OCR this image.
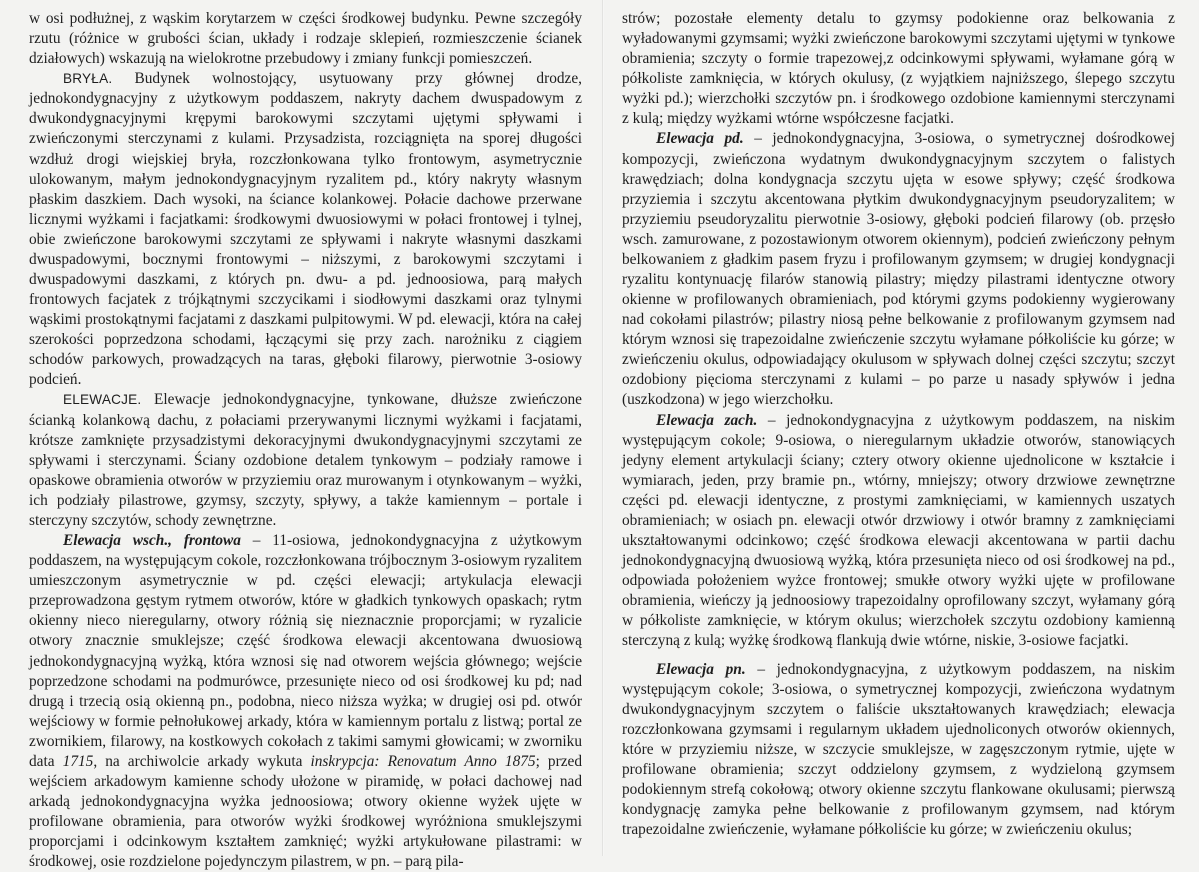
w osi podłużnej, z wąskim korytarzem w części środkowej budynku. Pewne szczegóły rzutu (różnice w grubości ścian, układy i rodzaje sklepień, rozmieszczenie ścianek działowych) wskazują na wielokrotne przebudowy i zmiany funkcji pomieszczeń.

BRYŁA. Budynek wolnostojący, usytuowany przy głównej drodze, jednokondygnacyjny z użytkowym poddaszem, nakryty dachem dwuspadowym z dwukondygnacyjnymi krępymi barokowymi szczytami ujętymi spływami i zwieńczonymi sterczynami z kulami. Przysadzista, rozciągnięta na sporej długości wzdłuż drogi wiejskiej bryła, rozczłonkowana tylko frontowym, asymetrycznie ulokowanym, małym jednokondygnacyjnym ryzalitem pd., który nakryty własnym płaskim daszkiem. Dach wysoki, na ściance kolankowej. Połacie dachowe przerwane licznymi wyżkami i facjatkami: środkowymi dwuosiowymi w połaci frontowej i tylnej, obie zwieńczone barokowymi szczytami ze spływami i nakryte własnymi daszkami dwuspadowymi, bocznymi frontowymi – niższymi, z barokowymi szczytami i dwuspadowymi daszkami, z których pn. dwu- a pd. jednoosiowa, parą małych frontowych facjatek z trójkątnymi szczycikami i siodłowymi daszkami oraz tylnymi wąskimi prostokątnymi facjatami z daszkami pulpitowymi. W pd. elewacji, która na całej szerokości poprzedzona schodami, łączącymi się przy zach. narożniku z ciągiem schodów parkowych, prowadzących na taras, głęboki filarowy, pierwotnie 3-osiowy podcień.

ELEWACJE. Elewacje jednokondygnacyjne, tynkowane, dłuższe zwieńczone ścianką kolankową dachu, z połaciami przerywanymi licznymi wyżkami i facjatami, krótsze zamknięte przysadzistymi dekoracyjnymi dwukondygnacyjnymi szczytami ze spływami i sterczynami. Ściany ozdobione detalem tynkowym – podziały ramowe i opaskowe obramienia otworów w przyziemiu oraz murowanym i otynkowanym – wyżki, ich podziały pilastrowe, gzymsy, szczyty, spływy, a także kamiennym – portale i sterczyny szczytów, schody zewnętrzne.

Elewacja wsch., frontowa – 11-osiowa, jednokondygnacyjna z użytkowym poddaszem, na występującym cokole, rozczłonkowana trójbocznym 3-osiowym ryzalitem umieszczonym asymetrycznie w pd. części elewacji; artykulacja elewacji przeprowadzona gęstym rytmem otworów, które w gładkich tynkowych opaskach; rytm okienny nieco nieregularny, otwory różnią się nieznacznie proporcjami; w ryzalicie otwory znacznie smuklejsze; część środkowa elewacji akcentowana dwuosiową jednokondygnacyjną wyżką, która wznosi się nad otworem wejścia głównego; wejście poprzedzone schodami na podmurówce, przesunięte nieco od osi środkowej ku pd; nad drugą i trzecią osią okienną pn., podobna, nieco niższa wyżka; w drugiej osi pd. otwór wejściowy w formie pełnołukowej arkady, która w kamiennym portalu z listwą; portal ze zwornikiem, filarowy, na kostkowych cokołach z takimi samymi głowicami; w zworniku data 1715, na archiwolcie arkady wykuta inskrypcja: Renovatum Anno 1875; przed wejściem arkadowym kamienne schody ułożone w piramidę, w połaci dachowej nad arkadą jednokondygnacyjna wyżka jednoosiowa; otwory okienne wyżek ujęte w profilowane obramienia, para otworów wyżki środkowej wyróżniona smuklejszymi proporcjami i odcinkowym kształtem zamknięć; wyżki artykułowane pilastrami: w środkowej, osie rozdzielone pojedynczym pilastrem, w pn. – parą pila-

strów; pozostałe elementy detalu to gzymsy podokienne oraz belkowania z wyładowanymi gzymsami; wyżki zwieńczone barokowymi szczytami ujętymi w tynkowe obramienia; szczyty o formie trapezowej,z odcinkowymi spływami, wyłamane górą w półkoliste zamknięcia, w których okulusy, (z wyjątkiem najniższego, ślepego szczytu wyżki pd.); wierzchołki szczytów pn. i środkowego ozdobione kamiennymi sterczynami z kulą; między wyżkami wtórne współczesne facjatki.

Elewacja pd. – jednokondygnacyjna, 3-osiowa, o symetrycznej dośrodkowej kompozycji, zwieńczona wydatnym dwukondygnacyjnym szczytem o falistych krawędziach; dolna kondygnacja szczytu ujęta w esowe spływy; część środkowa przyziemia i szczytu akcentowana płytkim dwukondygnacyjnym pseudoryzalitem; w przyziemiu pseudoryzalitu pierwotnie 3-osiowy, głęboki podcień filarowy (ob. przęsło wsch. zamurowane, z pozostawionym otworem okiennym), podcień zwieńczony pełnym belkowaniem z gładkim pasem fryzu i profilowanym gzymsem; w drugiej kondygnacji ryzalitu kontynuację filarów stanowią pilastry; między pilastrami identyczne otwory okienne w profilowanych obramieniach, pod którymi gzyms podokienny wygierowany nad cokołami pilastrów; pilastry niosą pełne belkowanie z profilowanym gzymsem nad którym wznosi się trapezoidalne zwieńczenie szczytu wyłamane półkoliście ku górze; w zwieńczeniu okulus, odpowiadający okulusom w spływach dolnej części szczytu; szczyt ozdobiony pięcioma sterczynami z kulami – po parze u nasady spływów i jedna (uszkodzona) w jego wierzchołku.

Elewacja zach. – jednokondygnacyjna z użytkowym poddaszem, na niskim występującym cokole; 9-osiowa, o nieregularnym układzie otworów, stanowiących jedyny element artykulacji ściany; cztery otwory okienne ujednolicone w kształcie i wymiarach, jeden, przy bramie pn., wtórny, mniejszy; otwory drzwiowe zewnętrzne części pd. elewacji identyczne, z prostymi zamknięciami, w kamiennych uszatych obramieniach; w osiach pn. elewacji otwór drzwiowy i otwór bramny z zamknięciami ukształtowanymi odcinkowo; część środkowa elewacji akcentowana w partii dachu jednokondygnacyjną dwuosiową wyżką, która przesunięta nieco od osi środkowej na pd., odpowiada położeniem wyżce frontowej; smukłe otwory wyżki ujęte w profilowane obramienia, wieńczy ją jednoosiowy trapezoidalny oprofilowany szczyt, wyłamany górą w półkoliste zamknięcie, w którym okulus; wierzchołek szczytu ozdobiony kamienną sterczyną z kulą; wyżkę środkową flankują dwie wtórne, niskie, 3-osiowe facjatki.

Elewacja pn. – jednokondygnacyjna, z użytkowym poddaszem, na niskim występującym cokole; 3-osiowa, o symetrycznej kompozycji, zwieńczona wydatnym dwukondygnacyjnym szczytem o faliście ukształtowanych krawędziach; elewacja rozczłonkowana gzymsami i regularnym układem ujednoliconych otworów okiennych, które w przyziemiu niższe, w szczycie smuklejsze, w zagęszczonym rytmie, ujęte w profilowane obramienia; szczyt oddzielony gzymsem, z wydzieloną gzymsem podokiennym strefą cokołową; otwory okienne szczytu flankowane okulusami; pierwszą kondygnację zamyka pełne belkowanie z profilowanym gzymsem, nad którym trapezoidalne zwieńczenie, wyłamane półkoliście ku górze; w zwieńczeniu okulus;
